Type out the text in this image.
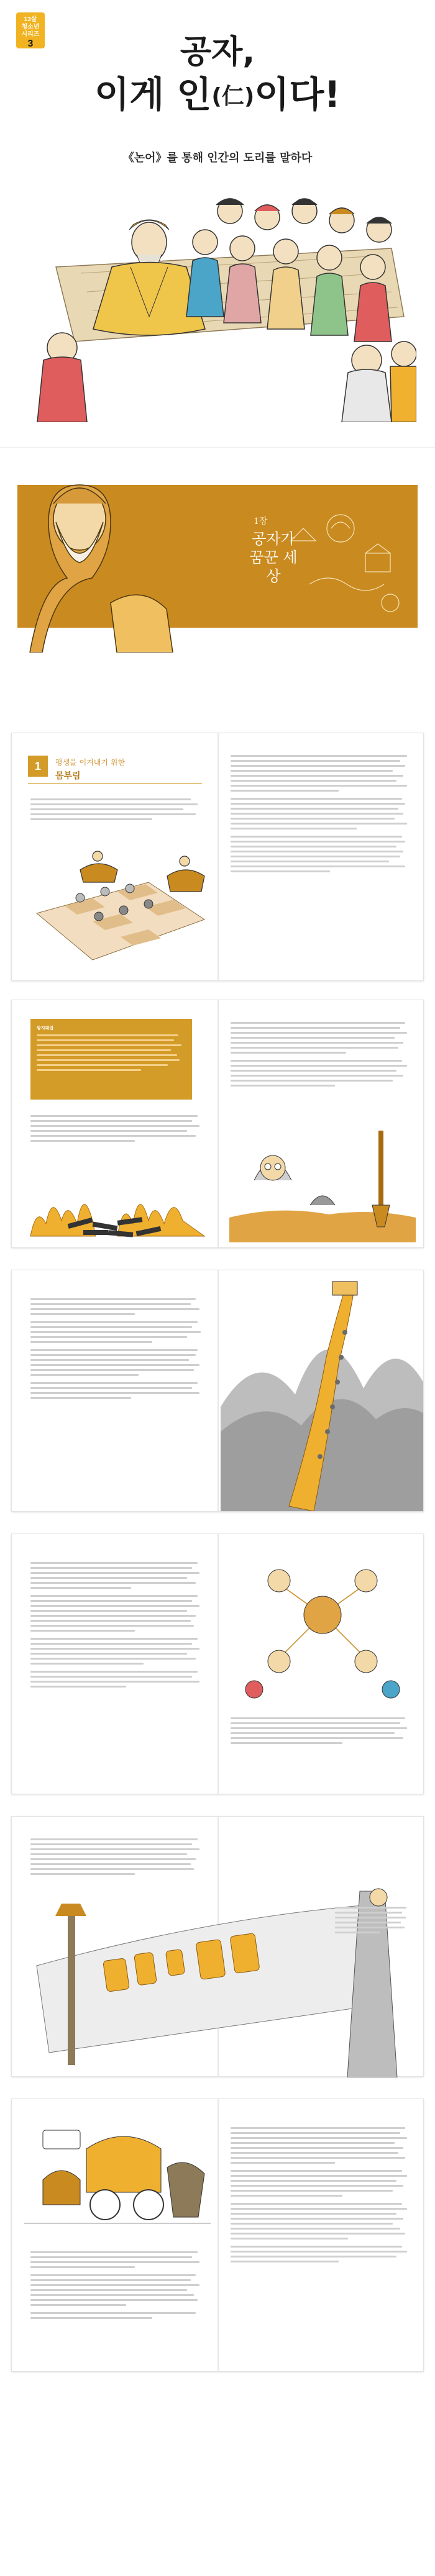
13살
청소년
시리즈
3	공자,
이게 인(仁)이다!
《논어》를 통해 인간의 도리를 말하다
1장
공자가 꿈꾼 세상
1	평생을 이겨내기 위한
몸부림
왕지패업
